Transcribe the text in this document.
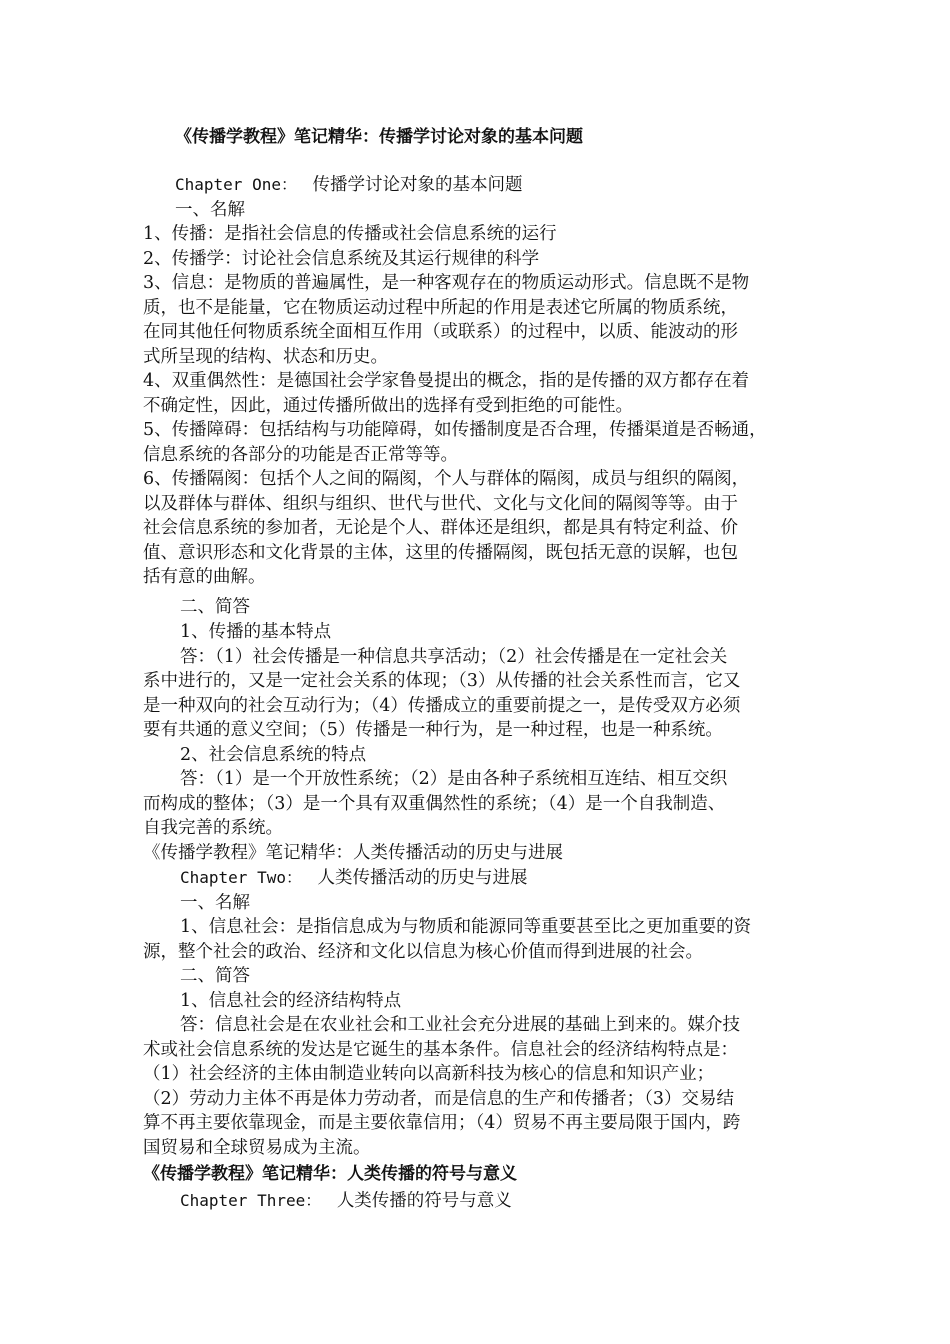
《传播学教程》笔记精华：传播学讨论对象的基本问题
Chapter One： 传播学讨论对象的基本问题
一、名解
1、传播：是指社会信息的传播或社会信息系统的运行
2、传播学：讨论社会信息系统及其运行规律的科学
3、信息：是物质的普遍属性，是一种客观存在的物质运动形式。信息既不是物
质，也不是能量，它在物质运动过程中所起的作用是表述它所属的物质系统，
在同其他任何物质系统全面相互作用（或联系）的过程中，以质、能波动的形
式所呈现的结构、状态和历史。
4、双重偶然性：是德国社会学家鲁曼提出的概念，指的是传播的双方都存在着
不确定性，因此，通过传播所做出的选择有受到拒绝的可能性。
5、传播障碍：包括结构与功能障碍，如传播制度是否合理，传播渠道是否畅通，
信息系统的各部分的功能是否正常等等。
6、传播隔阂：包括个人之间的隔阂，个人与群体的隔阂，成员与组织的隔阂，
以及群体与群体、组织与组织、世代与世代、文化与文化间的隔阂等等。由于
社会信息系统的参加者，无论是个人、群体还是组织，都是具有特定利益、价
值、意识形态和文化背景的主体，这里的传播隔阂，既包括无意的误解，也包
括有意的曲解。
二、简答
1、传播的基本特点
答：（1）社会传播是一种信息共享活动；（2）社会传播是在一定社会关
系中进行的，又是一定社会关系的体现；（3）从传播的社会关系性而言，它又
是一种双向的社会互动行为；（4）传播成立的重要前提之一，是传受双方必须
要有共通的意义空间；（5）传播是一种行为，是一种过程，也是一种系统。
2、社会信息系统的特点
答：（1）是一个开放性系统；（2）是由各种子系统相互连结、相互交织
而构成的整体；（3）是一个具有双重偶然性的系统；（4）是一个自我制造、
自我完善的系统。
《传播学教程》笔记精华：人类传播活动的历史与进展
Chapter Two： 人类传播活动的历史与进展
一、名解
1、信息社会：是指信息成为与物质和能源同等重要甚至比之更加重要的资
源，整个社会的政治、经济和文化以信息为核心价值而得到进展的社会。
二、简答
1、信息社会的经济结构特点
答：信息社会是在农业社会和工业社会充分进展的基础上到来的。媒介技
术或社会信息系统的发达是它诞生的基本条件。信息社会的经济结构特点是：
（1）社会经济的主体由制造业转向以高新科技为核心的信息和知识产业；
（2）劳动力主体不再是体力劳动者，而是信息的生产和传播者；（3）交易结
算不再主要依靠现金，而是主要依靠信用；（4）贸易不再主要局限于国内，跨
国贸易和全球贸易成为主流。
《传播学教程》笔记精华：人类传播的符号与意义
Chapter Three： 人类传播的符号与意义
